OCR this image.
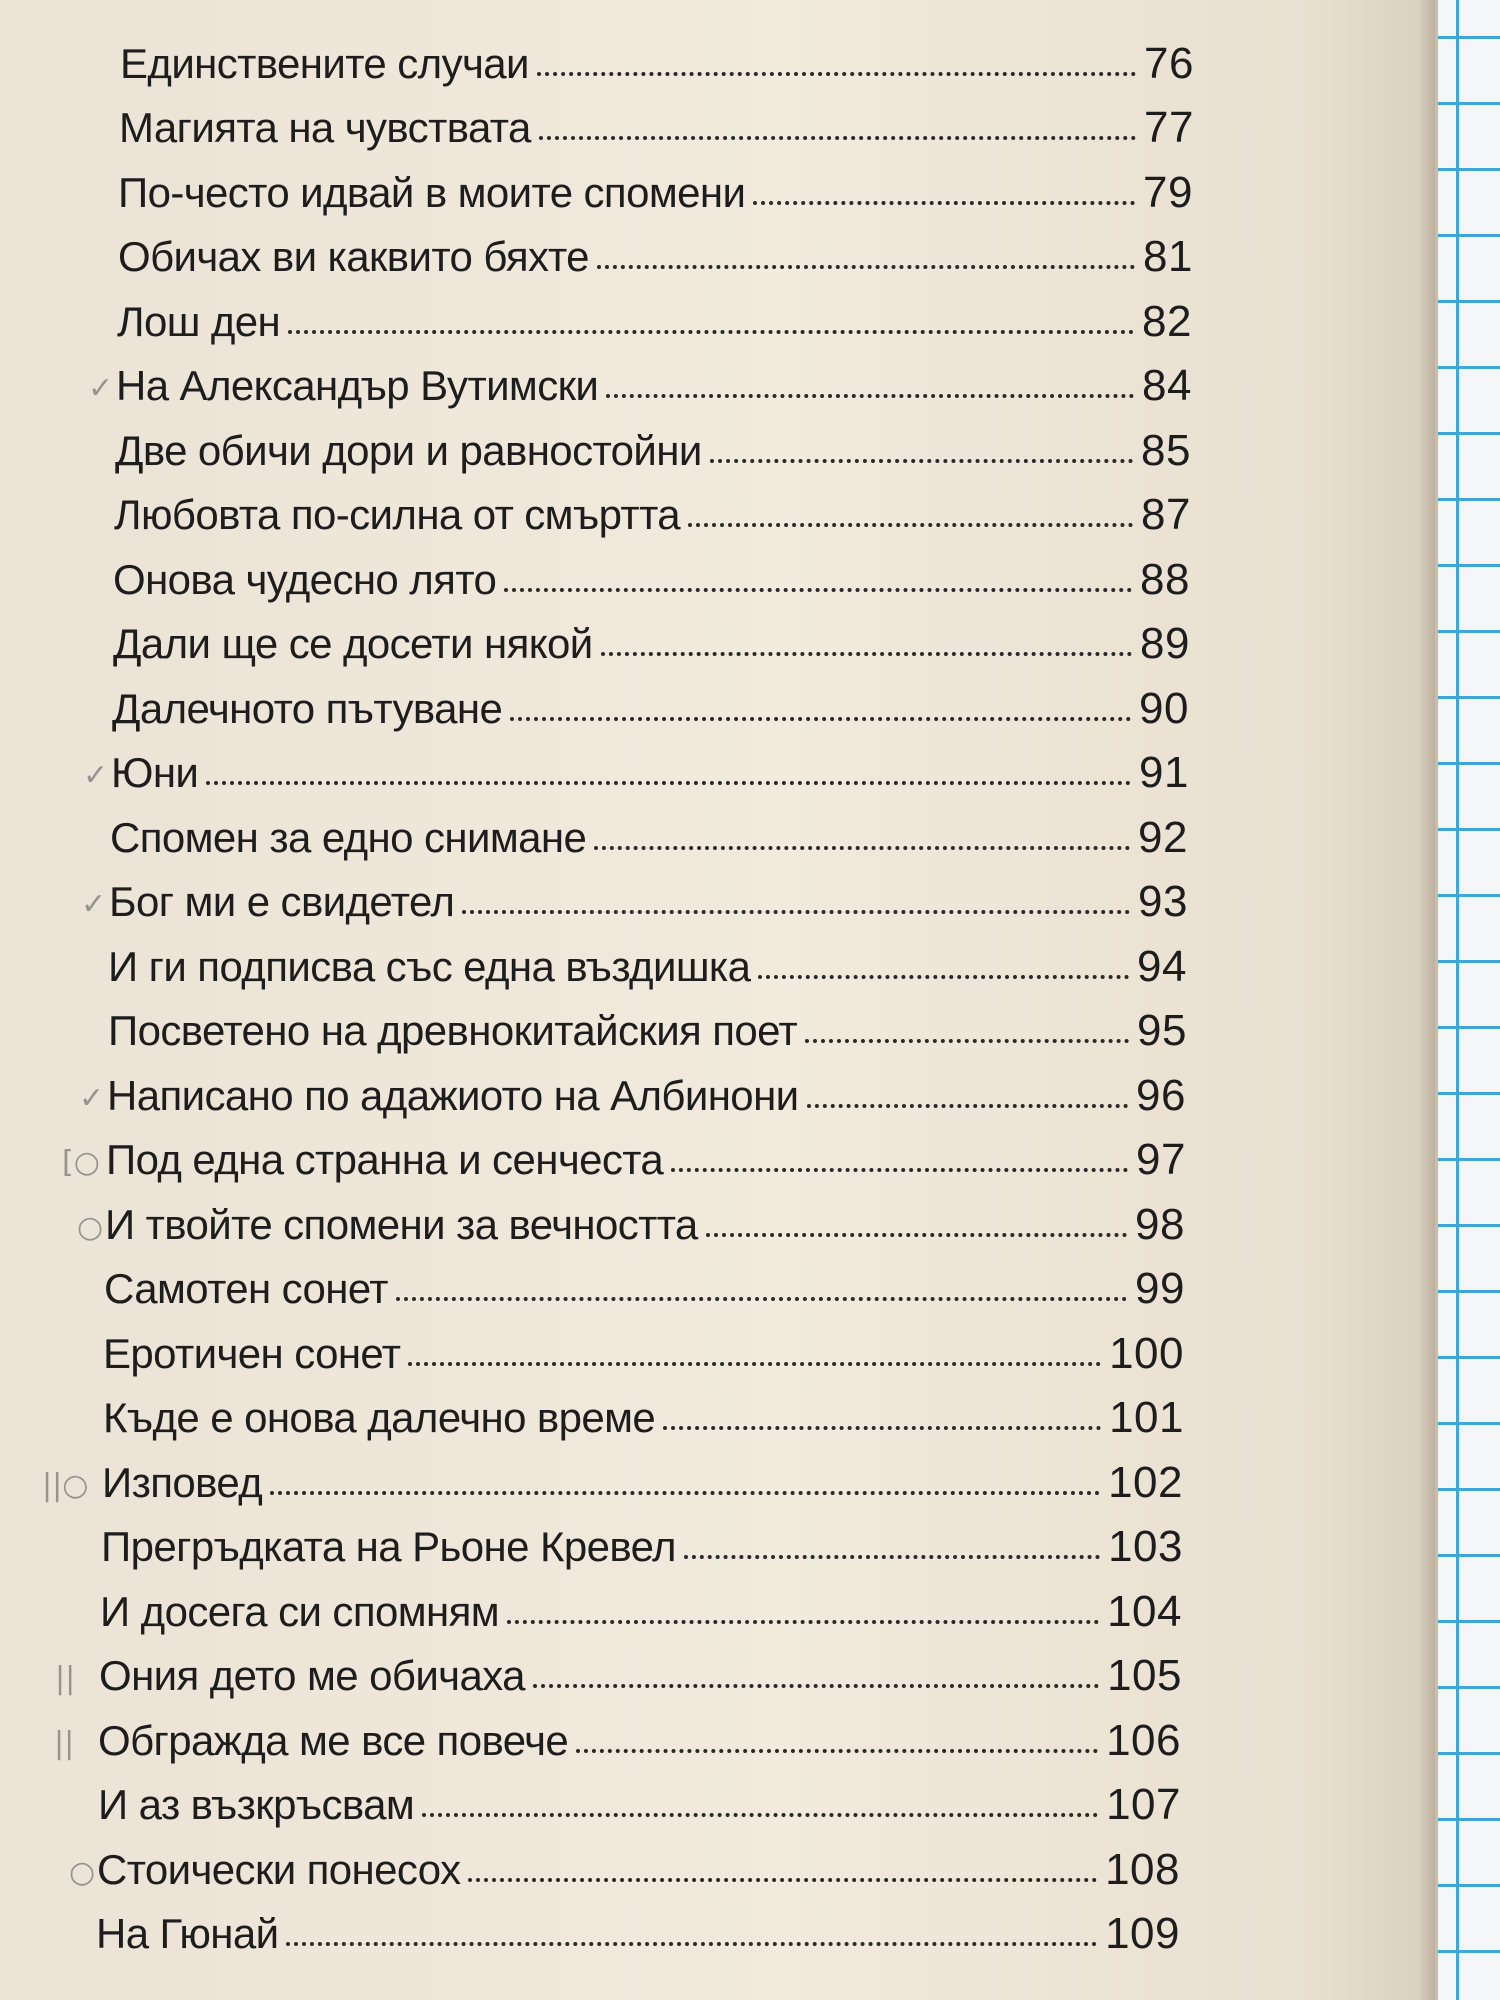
Единствените случаи	76
Магията на чувствата	77
По-често идвай в моите спомени	79
Обичах ви каквито бяхте	81
Лош ден	82
На Александър Вутимски	84
✓
Две обичи дори и равностойни	85
Любовта по-силна от смъртта	87
Онова чудесно лято	88
Дали ще се досети някой	89
Далечното пътуване	90
Юни	91
✓
Спомен за едно снимане	92
Бог ми е свидетел	93
✓
И ги подписва със една въздишка	94
Посветено на древнокитайския поет	95
Написано по адажиото на Албинони	96
✓
Под една странна и сенчеста	97
[○
И твойте спомени за вечността	98
○
Самотен сонет	99
Еротичен сонет	100
Къде е онова далечно време	101
Изповед	102
||○
Прегръдката на Рьоне Кревел	103
И досега си спомням	104
Ония дето ме обичаха	105
||
Обгражда ме все повече	106
||
И аз възкръсвам	107
Стоически понесох	108
○
На Гюнай	109
